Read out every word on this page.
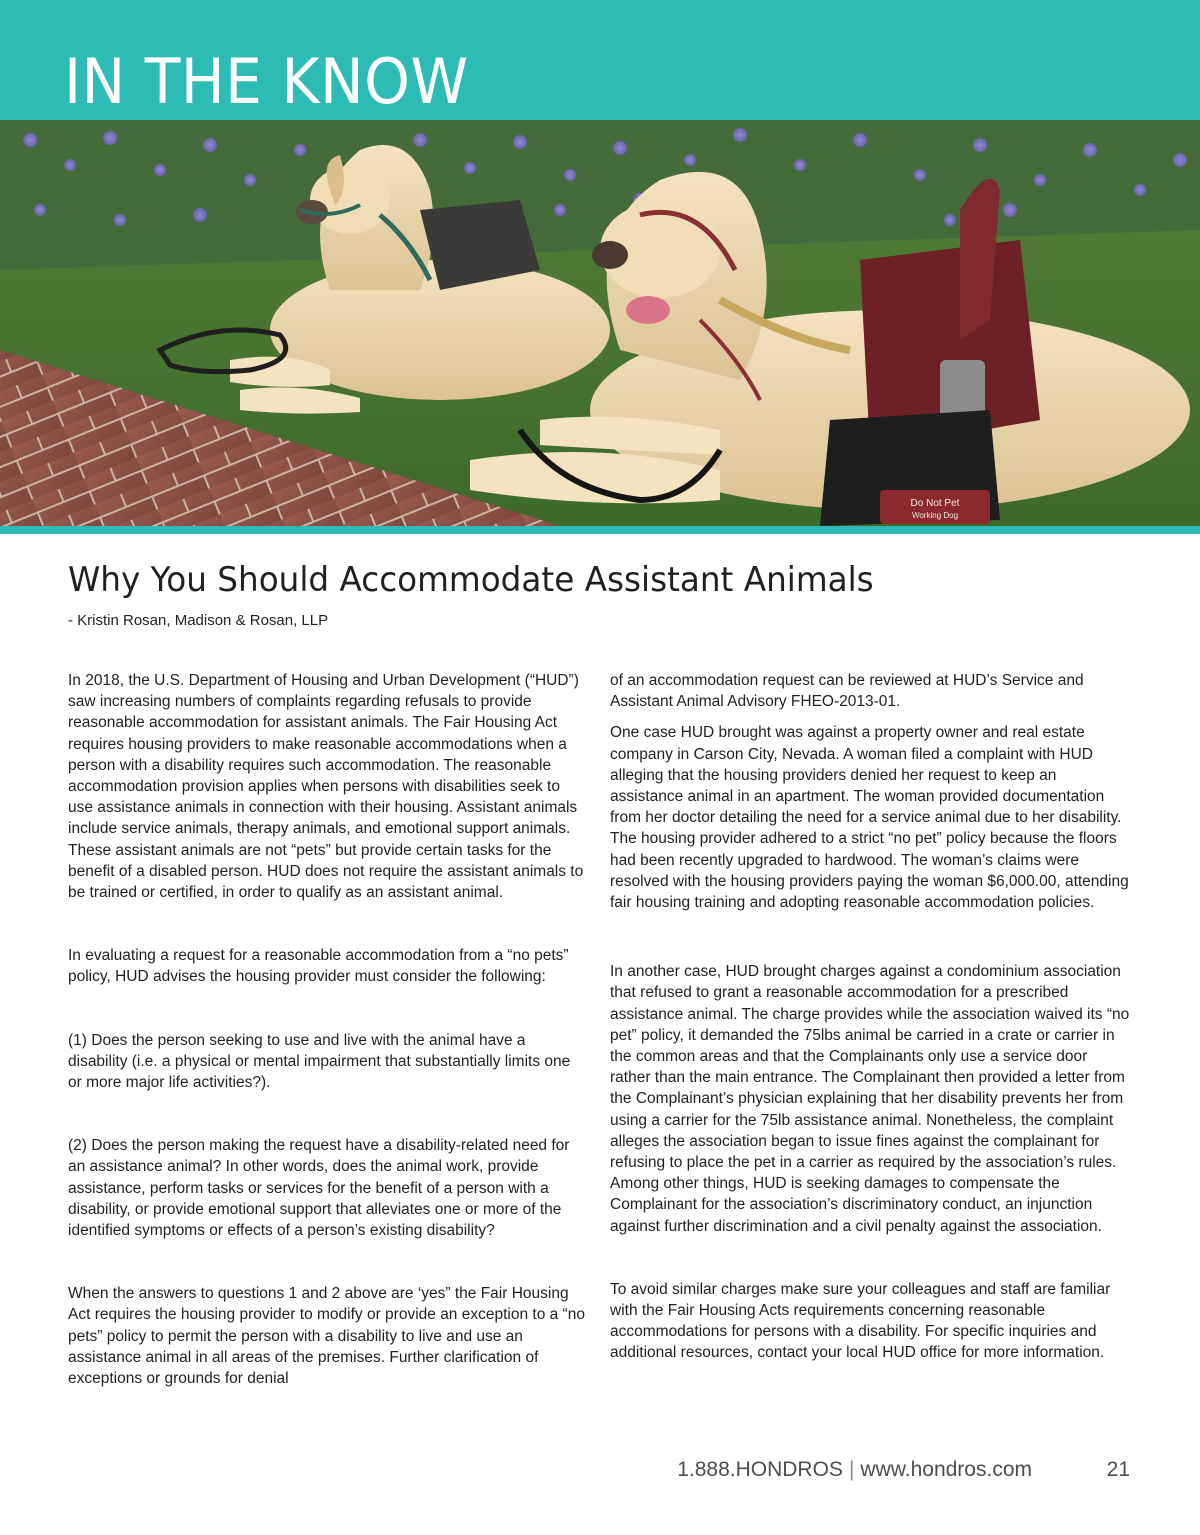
IN THE KNOW
Do Not Pet
Working Dog
Why You Should Accommodate Assistant Animals

- Kristin Rosan, Madison & Rosan, LLP

In 2018, the U.S. Department of Housing and Urban Development (“HUD”) saw increasing numbers of complaints regarding refusals to provide reasonable accommodation for assistant animals. The Fair Housing Act requires housing providers to make reasonable accommodations when a person with a disability requires such accommodation. The reasonable accommodation provision applies when persons with disabilities seek to use assistance animals in connection with their housing. Assistant animals include service animals, therapy animals, and emotional support animals. These assistant animals are not “pets” but provide certain tasks for the benefit of a disabled person. HUD does not require the assistant animals to be trained or certified, in order to qualify as an assistant animal.

In evaluating a request for a reasonable accommodation from a “no pets” policy, HUD advises the housing provider must consider the following:

(1) Does the person seeking to use and live with the animal have a disability (i.e. a physical or mental impairment that substantially limits one or more major life activities?).

(2) Does the person making the request have a disability-related need for an assistance animal? In other words, does the animal work, provide assistance, perform tasks or services for the benefit of a person with a disability, or provide emotional support that alleviates one or more of the identified symptoms or effects of a person’s existing disability?

When the answers to questions 1 and 2 above are ‘yes” the Fair Housing Act requires the housing provider to modify or provide an exception to a “no pets” policy to permit the person with a disability to live and use an assistance animal in all areas of the premises. Further clarification of exceptions or grounds for denial

of an accommodation request can be reviewed at HUD’s Service and Assistant Animal Advisory FHEO-2013-01.

One case HUD brought was against a property owner and real estate company in Carson City, Nevada. A woman filed a complaint with HUD alleging that the housing providers denied her request to keep an assistance animal in an apartment. The woman provided documentation from her doctor detailing the need for a service animal due to her disability. The housing provider adhered to a strict “no pet” policy because the floors had been recently upgraded to hardwood. The woman’s claims were resolved with the housing providers paying the woman $6,000.00, attending fair housing training and adopting reasonable accommodation policies.

In another case, HUD brought charges against a condominium association that refused to grant a reasonable accommodation for a prescribed assistance animal. The charge provides while the association waived its “no pet” policy, it demanded the 75lbs animal be carried in a crate or carrier in the common areas and that the Complainants only use a service door rather than the main entrance. The Complainant then provided a letter from the Complainant’s physician explaining that her disability prevents her from using a carrier for the 75lb assistance animal. Nonetheless, the complaint alleges the association began to issue fines against the complainant for refusing to place the pet in a carrier as required by the association’s rules. Among other things, HUD is seeking damages to compensate the Complainant for the association’s discriminatory conduct, an injunction against further discrimination and a civil penalty against the association.

To avoid similar charges make sure your colleagues and staff are familiar with the Fair Housing Acts requirements concerning reasonable accommodations for persons with a disability. For specific inquiries and additional resources, contact your local HUD office for more information.

1.888.HONDROS | www.hondros.com	21
